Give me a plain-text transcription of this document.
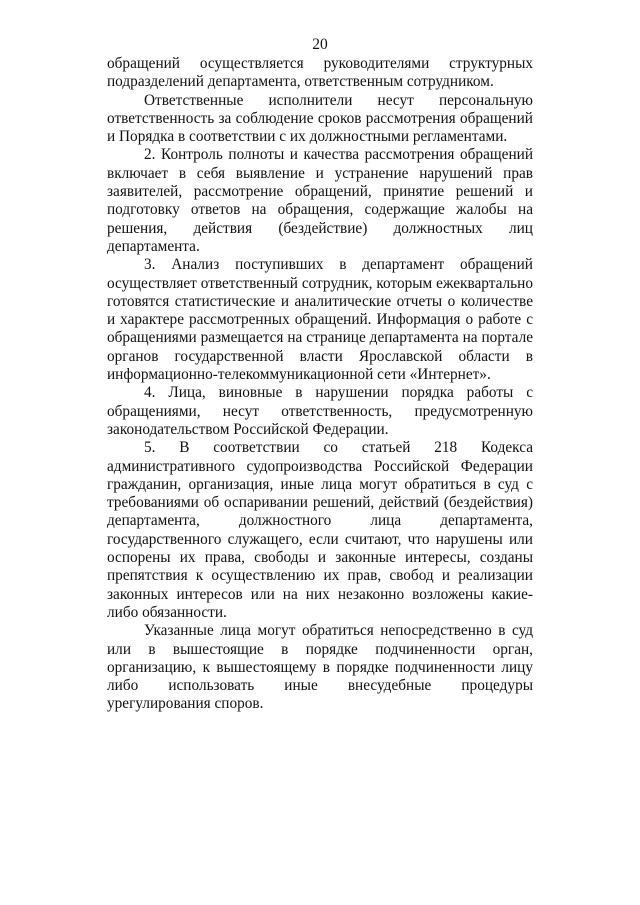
20

обращений осуществляется руководителями структурных подразделений департамента, ответственным сотрудником.

Ответственные исполнители несут персональную ответственность за соблюдение сроков рассмотрения обращений и Порядка в соответствии с их должностными регламентами.

2. Контроль полноты и качества рассмотрения обращений включает в себя выявление и устранение нарушений прав заявителей, рассмотрение обращений, принятие решений и подготовку ответов на обращения, содержащие жалобы на решения, действия (бездействие) должностных лиц департамента.

3. Анализ поступивших в департамент обращений осуществляет ответственный сотрудник, которым ежеквартально готовятся статистические и аналитические отчеты о количестве и характере рассмотренных обращений. Информация о работе с обращениями размещается на странице департамента на портале органов государственной власти Ярославской области в информационно-телекоммуникационной сети «Интернет».

4. Лица, виновные в нарушении порядка работы с обращениями, несут ответственность, предусмотренную законодательством Российской Федерации.

5. В соответствии со статьей 218 Кодекса административного судопроизводства Российской Федерации гражданин, организация, иные лица могут обратиться в суд с требованиями об оспаривании решений, действий (бездействия) департамента, должностного лица департамента, государственного служащего, если считают, что нарушены или оспорены их права, свободы и законные интересы, созданы препятствия к осуществлению их прав, свобод и реализации законных интересов или на них незаконно возложены какие-либо обязанности.

Указанные лица могут обратиться непосредственно в суд или в вышестоящие в порядке подчиненности орган, организацию, к вышестоящему в порядке подчиненности лицу либо использовать иные внесудебные процедуры урегулирования споров.
